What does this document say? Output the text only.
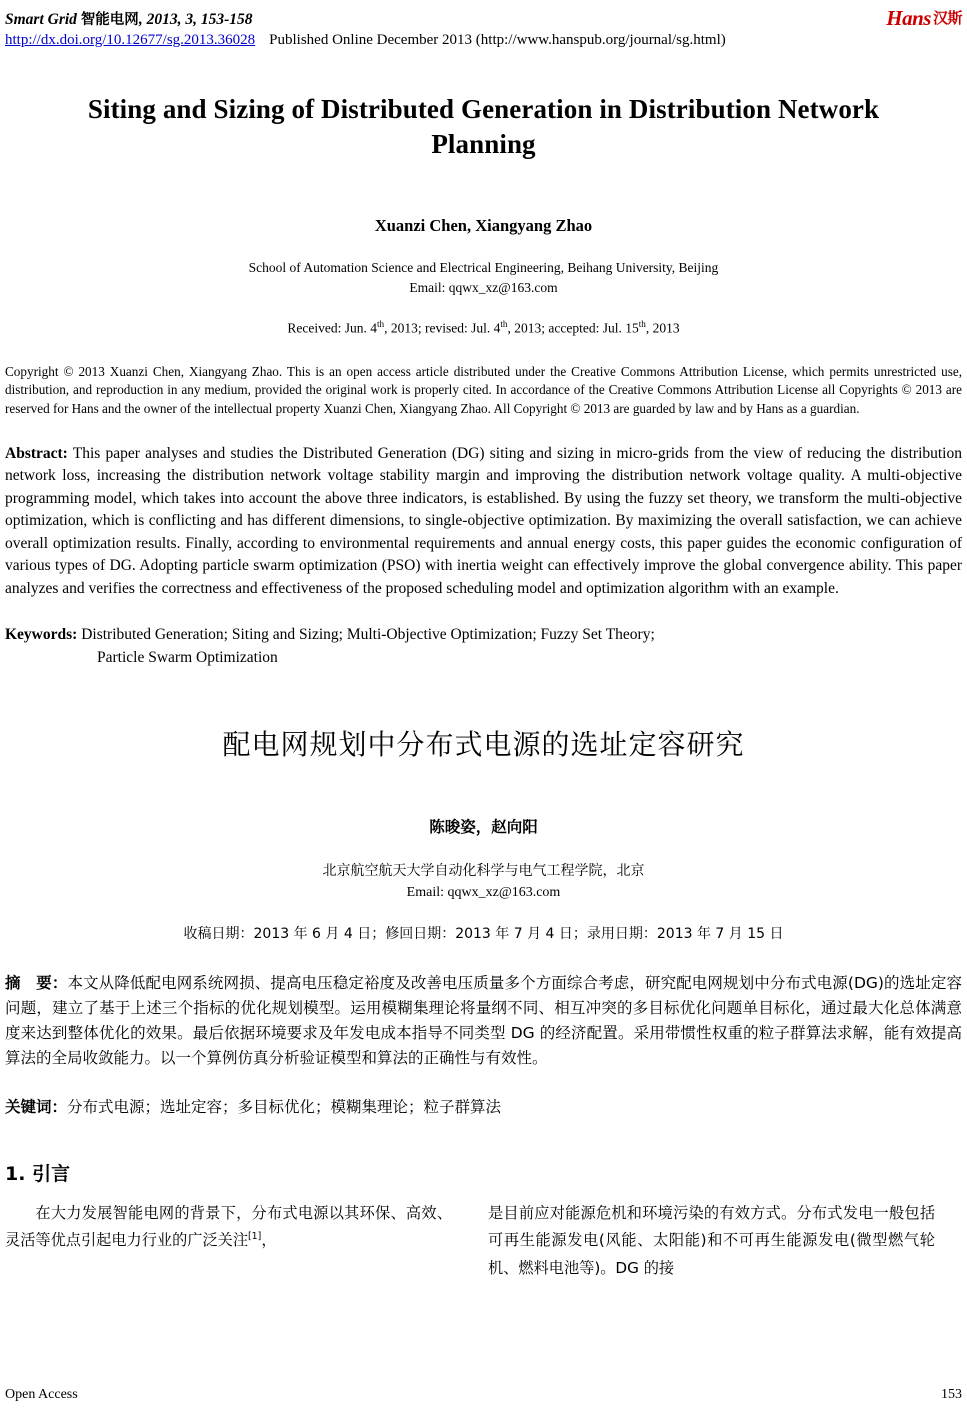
Smart Grid 智能电网, 2013, 3, 153-158
http://dx.doi.org/10.12677/sg.2013.36028 Published Online December 2013 (http://www.hanspub.org/journal/sg.html)
Hans 汉斯
Siting and Sizing of Distributed Generation in Distribution Network Planning
Xuanzi Chen, Xiangyang Zhao
School of Automation Science and Electrical Engineering, Beihang University, Beijing
Email: qqwx_xz@163.com
Received: Jun. 4th, 2013; revised: Jul. 4th, 2013; accepted: Jul. 15th, 2013
Copyright © 2013 Xuanzi Chen, Xiangyang Zhao. This is an open access article distributed under the Creative Commons Attribution License, which permits unrestricted use, distribution, and reproduction in any medium, provided the original work is properly cited. In accordance of the Creative Commons Attribution License all Copyrights © 2013 are reserved for Hans and the owner of the intellectual property Xuanzi Chen, Xiangyang Zhao. All Copyright © 2013 are guarded by law and by Hans as a guardian.
Abstract: This paper analyses and studies the Distributed Generation (DG) siting and sizing in micro-grids from the view of reducing the distribution network loss, increasing the distribution network voltage stability margin and improving the distribution network voltage quality. A multi-objective programming model, which takes into account the above three indicators, is established. By using the fuzzy set theory, we transform the multi-objective optimization, which is conflicting and has different dimensions, to single-objective optimization. By maximizing the overall satisfaction, we can achieve overall optimization results. Finally, according to environmental requirements and annual energy costs, this paper guides the economic configuration of various types of DG. Adopting particle swarm optimization (PSO) with inertia weight can effectively improve the global convergence ability. This paper analyzes and verifies the correctness and effectiveness of the proposed scheduling model and optimization algorithm with an example.
Keywords: Distributed Generation; Siting and Sizing; Multi-Objective Optimization; Fuzzy Set Theory;
Particle Swarm Optimization
配电网规划中分布式电源的选址定容研究
陈晙姿，赵向阳
北京航空航天大学自动化科学与电气工程学院，北京
Email: qqwx_xz@163.com
收稿日期：2013 年 6 月 4 日；修回日期：2013 年 7 月 4 日；录用日期：2013 年 7 月 15 日
摘　要：本文从降低配电网系统网损、提高电压稳定裕度及改善电压质量多个方面综合考虑，研究配电网规划中分布式电源(DG)的选址定容问题，建立了基于上述三个指标的优化规划模型。运用模糊集理论将量纲不同、相互冲突的多目标优化问题单目标化，通过最大化总体满意度来达到整体优化的效果。最后依据环境要求及年发电成本指导不同类型 DG 的经济配置。采用带惯性权重的粒子群算法求解，能有效提高算法的全局收敛能力。以一个算例仿真分析验证模型和算法的正确性与有效性。
关键词：分布式电源；选址定容；多目标优化；模糊集理论；粒子群算法
1. 引言

在大力发展智能电网的背景下，分布式电源以其环保、高效、灵活等优点引起电力行业的广泛关注[1]，

是目前应对能源危机和环境污染的有效方式。分布式发电一般包括可再生能源发电(风能、太阳能)和不可再生能源发电(微型燃气轮机、燃料电池等)。DG 的接

Open Access	153
